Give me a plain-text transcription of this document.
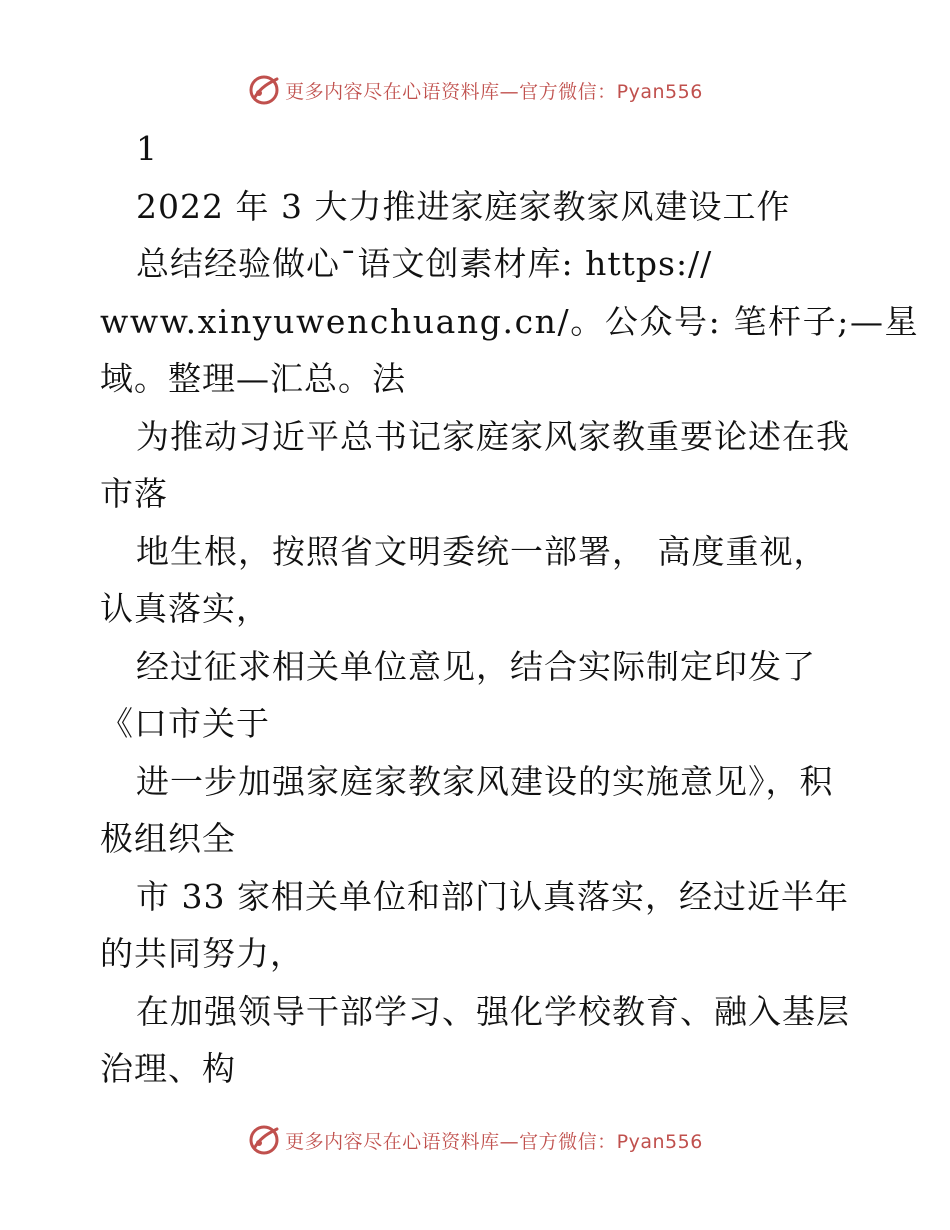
更多内容尽在心语资料库—官方微信：Pyan556
1
2022 年 3 大力推进家庭家教家风建设工作
总结经验做心¯语文创素材库: https://
www.xinyuwenchuang.cn/。公众号: 笔杆子;—星
域。整理—汇总。法
为推动习近平总书记家庭家风家教重要论述在我
市落
地生根，按照省文明委统一部署， 高度重视，
认真落实，
经过征求相关单位意见，结合实际制定印发了
《口市关于
进一步加强家庭家教家风建设的实施意见》，积
极组织全
市 33 家相关单位和部门认真落实，经过近半年
的共同努力，
在加强领导干部学习、强化学校教育、融入基层
治理、构
更多内容尽在心语资料库—官方微信：Pyan556
